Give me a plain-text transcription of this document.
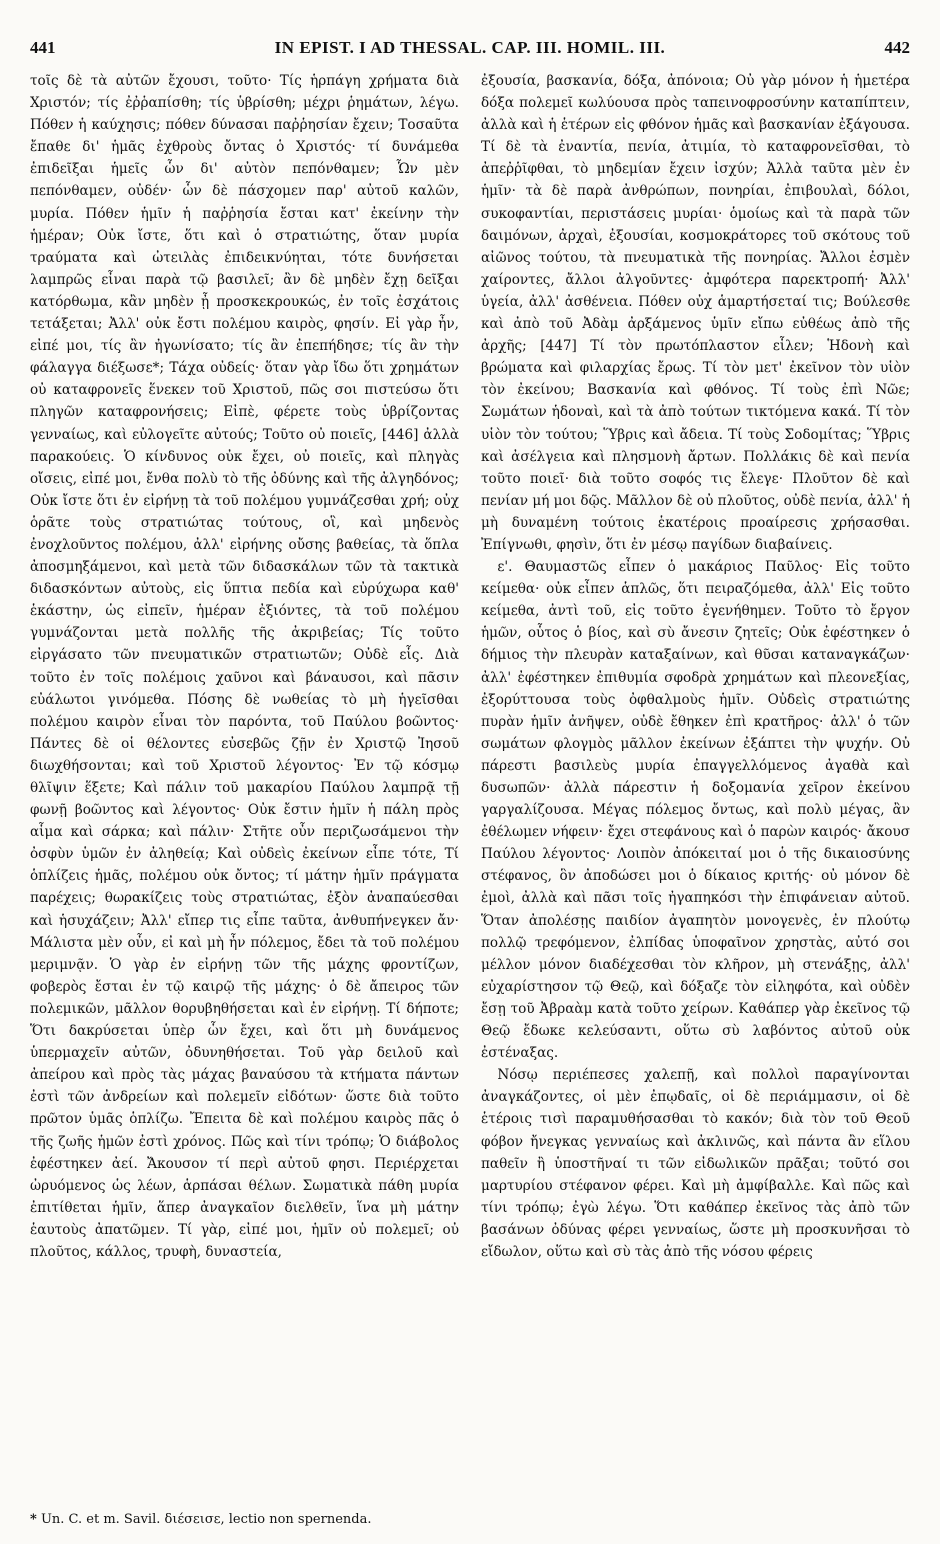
441	IN EPIST. I AD THESSAL. CAP. III. HOMIL. III.	442

τοῖς δὲ τὰ αὐτῶν ἔχουσι, τοῦτο· Τίς ἡρπάγη χρήματα διὰ Χριστόν; τίς ἐῤῥαπίσθη; τίς ὑβρίσθη; μέχρι ῥημάτων, λέγω. Πόθεν ἡ καύχησις; πόθεν δύνασαι παῤῥησίαν ἔχειν; Τοσαῦτα ἔπαθε δι' ἡμᾶς ἐχθροὺς ὄντας ὁ Χριστός· τί δυνάμεθα ἐπιδεῖξαι ἡμεῖς ὧν δι' αὐτὸν πεπόνθαμεν; Ὧν μὲν πεπόνθαμεν, οὐδέν· ὧν δὲ πάσχομεν παρ' αὐτοῦ καλῶν, μυρία. Πόθεν ἡμῖν ἡ παῤῥησία ἔσται κατ' ἐκείνην τὴν ἡμέραν; Οὐκ ἴστε, ὅτι καὶ ὁ στρατιώτης, ὅταν μυρία τραύματα καὶ ὠτειλὰς ἐπιδεικνύηται, τότε δυνήσεται λαμπρῶς εἶναι παρὰ τῷ βασιλεῖ; ἂν δὲ μηδὲν ἔχῃ δεῖξαι κατόρθωμα, κἂν μηδὲν ᾖ προσκεκρουκώς, ἐν τοῖς ἐσχάτοις τετάξεται; Ἀλλ' οὐκ ἔστι πολέμου καιρὸς, φησίν. Εἰ γὰρ ἦν, εἰπέ μοι, τίς ἂν ἠγωνίσατο; τίς ἂν ἐπεπήδησε; τίς ἂν τὴν φάλαγγα διέξωσε*; Τάχα οὐδείς· ὅταν γὰρ ἴδω ὅτι χρημάτων οὐ καταφρονεῖς ἕνεκεν τοῦ Χριστοῦ, πῶς σοι πιστεύσω ὅτι πληγῶν καταφρονήσεις; Εἰπὲ, φέρετε τοὺς ὑβρίζοντας γενναίως, καὶ εὐλογεῖτε αὐτούς; Τοῦτο οὐ ποιεῖς, [446] ἀλλὰ παρακούεις. Ὁ κίνδυνος οὐκ ἔχει, οὐ ποιεῖς, καὶ πληγὰς οἴσεις, εἰπέ μοι, ἔνθα πολὺ τὸ τῆς ὀδύνης καὶ τῆς ἀλγηδόνος; Οὐκ ἴστε ὅτι ἐν εἰρήνῃ τὰ τοῦ πολέμου γυμνάζεσθαι χρή; οὐχ ὁρᾶτε τοὺς στρατιώτας τούτους, οἳ, καὶ μηδενὸς ἐνοχλοῦντος πολέμου, ἀλλ' εἰρήνης οὔσης βαθείας, τὰ ὅπλα ἀποσμηξάμενοι, καὶ μετὰ τῶν διδασκάλων τῶν τὰ τακτικὰ διδασκόντων αὐτοὺς, εἰς ὕπτια πεδία καὶ εὐρύχωρα καθ' ἑκάστην, ὡς εἰπεῖν, ἡμέραν ἐξιόντες, τὰ τοῦ πολέμου γυμνάζονται μετὰ πολλῆς τῆς ἀκριβείας; Τίς τοῦτο εἰργάσατο τῶν πνευματικῶν στρατιωτῶν; Οὐδὲ εἷς. Διὰ τοῦτο ἐν τοῖς πολέμοις χαῦνοι καὶ βάναυσοι, καὶ πᾶσιν εὐάλωτοι γινόμεθα. Πόσης δὲ νωθείας τὸ μὴ ἡγεῖσθαι πολέμου καιρὸν εἶναι τὸν παρόντα, τοῦ Παύλου βοῶντος· Πάντες δὲ οἱ θέλοντες εὐσεβῶς ζῇν ἐν Χριστῷ Ἰησοῦ διωχθήσονται; καὶ τοῦ Χριστοῦ λέγοντος· Ἐν τῷ κόσμῳ θλῖψιν ἕξετε; Καὶ πάλιν τοῦ μακαρίου Παύλου λαμπρᾷ τῇ φωνῇ βοῶντος καὶ λέγοντος· Οὐκ ἔστιν ἡμῖν ἡ πάλη πρὸς αἷμα καὶ σάρκα; καὶ πάλιν· Στῆτε οὖν περιζωσάμενοι τὴν ὀσφὺν ὑμῶν ἐν ἀληθείᾳ; Καὶ οὐδεὶς ἐκείνων εἶπε τότε, Τί ὁπλίζεις ἡμᾶς, πολέμου οὐκ ὄντος; τί μάτην ἡμῖν πράγματα παρέχεις; θωρακίζεις τοὺς στρατιώτας, ἐξὸν ἀναπαύεσθαι καὶ ἡσυχάζειν; Ἀλλ' εἴπερ τις εἶπε ταῦτα, ἀνθυπήνεγκεν ἄν· Μάλιστα μὲν οὖν, εἰ καὶ μὴ ἦν πόλεμος, ἔδει τὰ τοῦ πολέμου μεριμνᾷν. Ὁ γὰρ ἐν εἰρήνῃ τῶν τῆς μάχης φροντίζων, φοβερὸς ἔσται ἐν τῷ καιρῷ τῆς μάχης· ὁ δὲ ἄπειρος τῶν πολεμικῶν, μᾶλλον θορυβηθήσεται καὶ ἐν εἰρήνῃ. Τί δήποτε; Ὅτι δακρύσεται ὑπὲρ ὧν ἔχει, καὶ ὅτι μὴ δυνάμενος ὑπερμαχεῖν αὐτῶν, ὀδυνηθήσεται. Τοῦ γὰρ δειλοῦ καὶ ἀπείρου καὶ πρὸς τὰς μάχας βαναύσου τὰ κτήματα πάντων ἐστὶ τῶν ἀνδρείων καὶ πολεμεῖν εἰδότων· ὥστε διὰ τοῦτο πρῶτον ὑμᾶς ὁπλίζω. Ἔπειτα δὲ καὶ πολέμου καιρὸς πᾶς ὁ τῆς ζωῆς ἡμῶν ἐστὶ χρόνος. Πῶς καὶ τίνι τρόπῳ; Ὁ διάβολος ἐφέστηκεν ἀεί. Ἄκουσον τί περὶ αὐτοῦ φησι. Περιέρχεται ὠρυόμενος ὡς λέων, ἁρπάσαι θέλων. Σωματικὰ πάθη μυρία ἐπιτίθεται ἡμῖν, ἅπερ ἀναγκαῖον διελθεῖν, ἵνα μὴ μάτην ἑαυτοὺς ἀπατῶμεν. Τί γὰρ, εἰπέ μοι, ἡμῖν οὐ πολεμεῖ; οὐ πλοῦτος, κάλλος, τρυφὴ, δυναστεία,

* Un. C. et m. Savil. διέσεισε, lectio non spernenda.

ἐξουσία, βασκανία, δόξα, ἀπόνοια; Οὐ γὰρ μόνον ἡ ἡμετέρα δόξα πολεμεῖ κωλύουσα πρὸς ταπεινοφροσύνην καταπίπτειν, ἀλλὰ καὶ ἡ ἑτέρων εἰς φθόνον ἡμᾶς καὶ βασκανίαν ἐξάγουσα. Τί δὲ τὰ ἐναντία, πενία, ἀτιμία, τὸ καταφρονεῖσθαι, τὸ ἀπεῤῥῖφθαι, τὸ μηδεμίαν ἔχειν ἰσχύν; Ἀλλὰ ταῦτα μὲν ἐν ἡμῖν· τὰ δὲ παρὰ ἀνθρώπων, πονηρίαι, ἐπιβουλαὶ, δόλοι, συκοφαντίαι, περιστάσεις μυρίαι· ὁμοίως καὶ τὰ παρὰ τῶν δαιμόνων, ἀρχαὶ, ἐξουσίαι, κοσμοκράτορες τοῦ σκότους τοῦ αἰῶνος τούτου, τὰ πνευματικὰ τῆς πονηρίας. Ἄλλοι ἐσμὲν χαίροντες, ἄλλοι ἀλγοῦντες· ἀμφότερα παρεκτροπή· Ἀλλ' ὑγεία, ἀλλ' ἀσθένεια. Πόθεν οὐχ ἁμαρτήσεταί τις; Βούλεσθε καὶ ἀπὸ τοῦ Ἀδὰμ ἀρξάμενος ὑμῖν εἴπω εὐθέως ἀπὸ τῆς ἀρχῆς; [447] Τί τὸν πρωτόπλαστον εἷλεν; Ἡδονὴ καὶ βρώματα καὶ φιλαρχίας ἔρως. Τί τὸν μετ' ἐκεῖνον τὸν υἱὸν τὸν ἐκείνου; Βασκανία καὶ φθόνος. Τί τοὺς ἐπὶ Νῶε; Σωμάτων ἡδοναὶ, καὶ τὰ ἀπὸ τούτων τικτόμενα κακά. Τί τὸν υἱὸν τὸν τούτου; Ὕβρις καὶ ἄδεια. Τί τοὺς Σοδομίτας; Ὕβρις καὶ ἀσέλγεια καὶ πλησμονὴ ἄρτων. Πολλάκις δὲ καὶ πενία τοῦτο ποιεῖ· διὰ τοῦτο σοφός τις ἔλεγε· Πλοῦτον δὲ καὶ πενίαν μή μοι δῷς. Μᾶλλον δὲ οὐ πλοῦτος, οὐδὲ πενία, ἀλλ' ἡ μὴ δυναμένη τούτοις ἑκατέροις προαίρεσις χρήσασθαι. Ἐπίγνωθι, φησὶν, ὅτι ἐν μέσῳ παγίδων διαβαίνεις.

ε'. Θαυμαστῶς εἶπεν ὁ μακάριος Παῦλος· Εἰς τοῦτο κείμεθα· οὐκ εἶπεν ἁπλῶς, ὅτι πειραζόμεθα, ἀλλ' Εἰς τοῦτο κείμεθα, ἀντὶ τοῦ, εἰς τοῦτο ἐγενήθημεν. Τοῦτο τὸ ἔργον ἡμῶν, οὗτος ὁ βίος, καὶ σὺ ἄνεσιν ζητεῖς; Οὐκ ἐφέστηκεν ὁ δήμιος τὴν πλευρὰν καταξαίνων, καὶ θῦσαι καταναγκάζων· ἀλλ' ἐφέστηκεν ἐπιθυμία σφοδρὰ χρημάτων καὶ πλεονεξίας, ἐξορύττουσα τοὺς ὀφθαλμοὺς ἡμῖν. Οὐδεὶς στρατιώτης πυρὰν ἡμῖν ἀνῆψεν, οὐδὲ ἔθηκεν ἐπὶ κρατῆρος· ἀλλ' ὁ τῶν σωμάτων φλογμὸς μᾶλλον ἐκείνων ἐξάπτει τὴν ψυχήν. Οὐ πάρεστι βασιλεὺς μυρία ἐπαγγελλόμενος ἀγαθὰ καὶ δυσωπῶν· ἀλλὰ πάρεστιν ἡ δοξομανία χεῖρον ἐκείνου γαργαλίζουσα. Μέγας πόλεμος ὄντως, καὶ πολὺ μέγας, ἂν ἐθέλωμεν νήφειν· ἔχει στεφάνους καὶ ὁ παρὼν καιρός· ἄκουσ Παύλου λέγοντος· Λοιπὸν ἀπόκειταί μοι ὁ τῆς δικαιοσύνης στέφανος, ὃν ἀποδώσει μοι ὁ δίκαιος κριτής· οὐ μόνον δὲ ἐμοὶ, ἀλλὰ καὶ πᾶσι τοῖς ἠγαπηκόσι τὴν ἐπιφάνειαν αὐτοῦ. Ὅταν ἀπολέσῃς παιδίον ἀγαπητὸν μονογενὲς, ἐν πλούτῳ πολλῷ τρεφόμενον, ἐλπίδας ὑποφαῖνον χρηστὰς, αὐτό σοι μέλλον μόνον διαδέχεσθαι τὸν κλῆρον, μὴ στενάξῃς, ἀλλ' εὐχαρίστησον τῷ Θεῷ, καὶ δόξαζε τὸν εἰληφότα, καὶ οὐδὲν ἔσῃ τοῦ Ἀβραὰμ κατὰ τοῦτο χείρων. Καθάπερ γὰρ ἐκεῖνος τῷ Θεῷ ἔδωκε κελεύσαντι, οὕτω σὺ λαβόντος αὐτοῦ οὐκ ἐστέναξας.

Νόσῳ περιέπεσες χαλεπῇ, καὶ πολλοὶ παραγίνονται ἀναγκάζοντες, οἱ μὲν ἐπῳδαῖς, οἱ δὲ περιάμμασιν, οἱ δὲ ἑτέροις τισὶ παραμυθήσασθαι τὸ κακόν; διὰ τὸν τοῦ Θεοῦ φόβον ἤνεγκας γενναίως καὶ ἀκλινῶς, καὶ πάντα ἂν εἵλου παθεῖν ἢ ὑποστῆναί τι τῶν εἰδωλικῶν πρᾶξαι; τοῦτό σοι μαρτυρίου στέφανον φέρει. Καὶ μὴ ἀμφίβαλλε. Καὶ πῶς καὶ τίνι τρόπῳ; ἐγὼ λέγω. Ὅτι καθάπερ ἐκεῖνος τὰς ἀπὸ τῶν βασάνων ὀδύνας φέρει γενναίως, ὥστε μὴ προσκυνῆσαι τὸ εἴδωλον, οὕτω καὶ σὺ τὰς ἀπὸ τῆς νόσου φέρεις
